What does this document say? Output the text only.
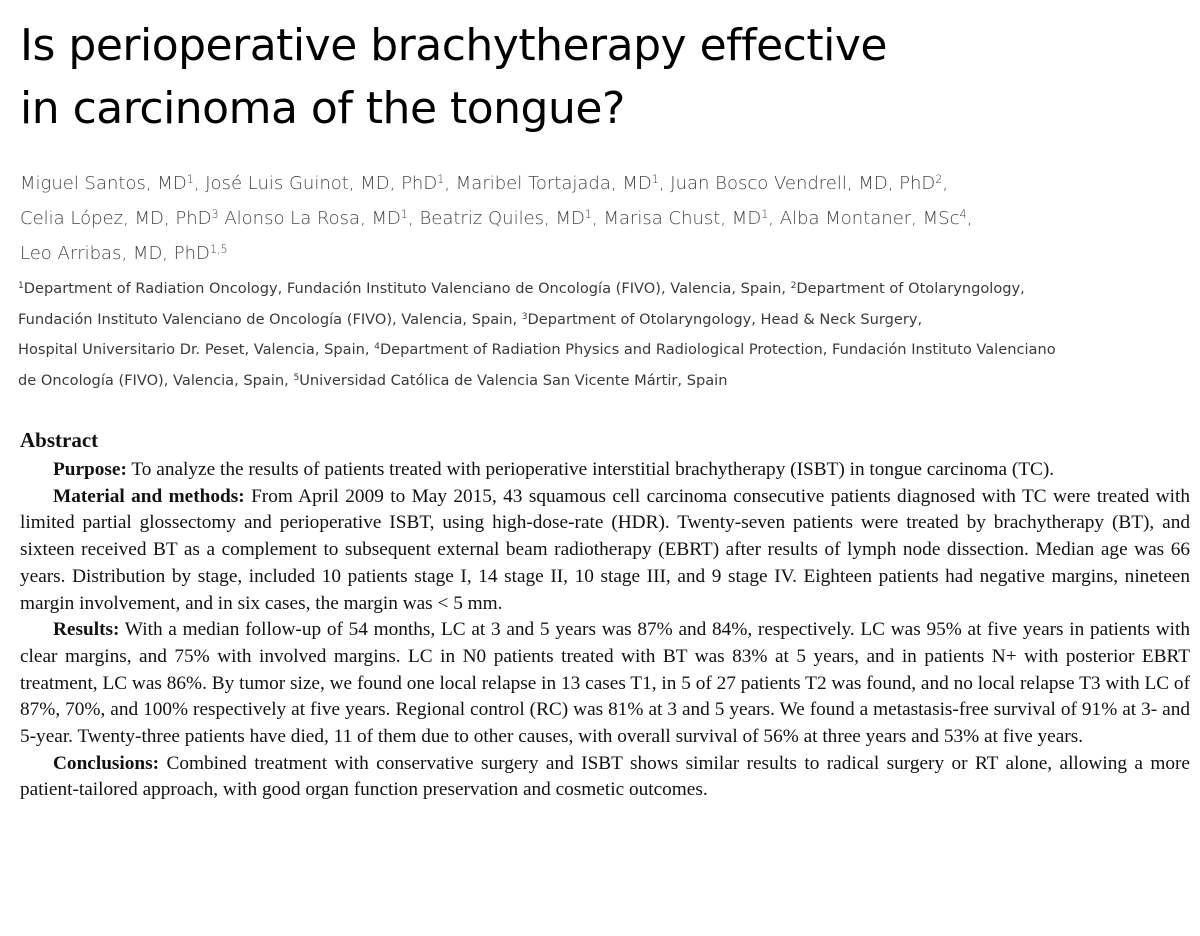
Is perioperative brachytherapy effective
in carcinoma of the tongue?
Miguel Santos, $MD^1$, José Luis Guinot, MD, PhD$^1$, Maribel Tortajada, $MD^1$, Juan Bosco Vendrell, MD, PhD$^2$,
Celia López, MD, PhD$^3$ Alonso La Rosa, $MD^1$, Beatriz Quiles, $MD^1$, Marisa Chust, $MD^1$, Alba Montaner, MSc$^4$,
Leo Arribas, MD, PhD$^{1,5}$
$^1$Department of Radiation Oncology, Fundación Instituto Valenciano de Oncología (FIVO), Valencia, Spain, $^2$Department of Otolaryngology,
Fundación Instituto Valenciano de Oncología (FIVO), Valencia, Spain, $^3$Department of Otolaryngology, Head & Neck Surgery,
Hospital Universitario Dr. Peset, Valencia, Spain, $^4$Department of Radiation Physics and Radiological Protection, Fundación Instituto Valenciano
de Oncología (FIVO), Valencia, Spain, $^5$Universidad Católica de Valencia San Vicente Mártir, Spain
Abstract

Purpose: To analyze the results of patients treated with perioperative interstitial brachytherapy (ISBT) in tongue carcinoma (TC).

Material and methods: From April 2009 to May 2015, 43 squamous cell carcinoma consecutive patients diagnosed with TC were treated with limited partial glossectomy and perioperative ISBT, using high-dose-rate (HDR). Twenty-seven patients were treated by brachytherapy (BT), and sixteen received BT as a complement to subsequent external beam radiotherapy (EBRT) after results of lymph node dissection. Median age was 66 years. Distribution by stage, included 10 patients stage I, 14 stage II, 10 stage III, and 9 stage IV. Eighteen patients had negative margins, nineteen margin involvement, and in six cases, the margin was < 5 mm.

Results: With a median follow-up of 54 months, LC at 3 and 5 years was 87% and 84%, respectively. LC was 95% at five years in patients with clear margins, and 75% with involved margins. LC in N0 patients treated with BT was 83% at 5 years, and in patients N+ with posterior EBRT treatment, LC was 86%. By tumor size, we found one local relapse in 13 cases T1, in 5 of 27 patients T2 was found, and no local relapse T3 with LC of 87%, 70%, and 100% respectively at five years. Regional control (RC) was 81% at 3 and 5 years. We found a metastasis-free survival of 91% at 3- and 5-year. Twenty-three patients have died, 11 of them due to other causes, with overall survival of 56% at three years and 53% at five years.

Conclusions: Combined treatment with conservative surgery and ISBT shows similar results to radical surgery or RT alone, allowing a more patient-tailored approach, with good organ function preservation and cosmetic outcomes.
